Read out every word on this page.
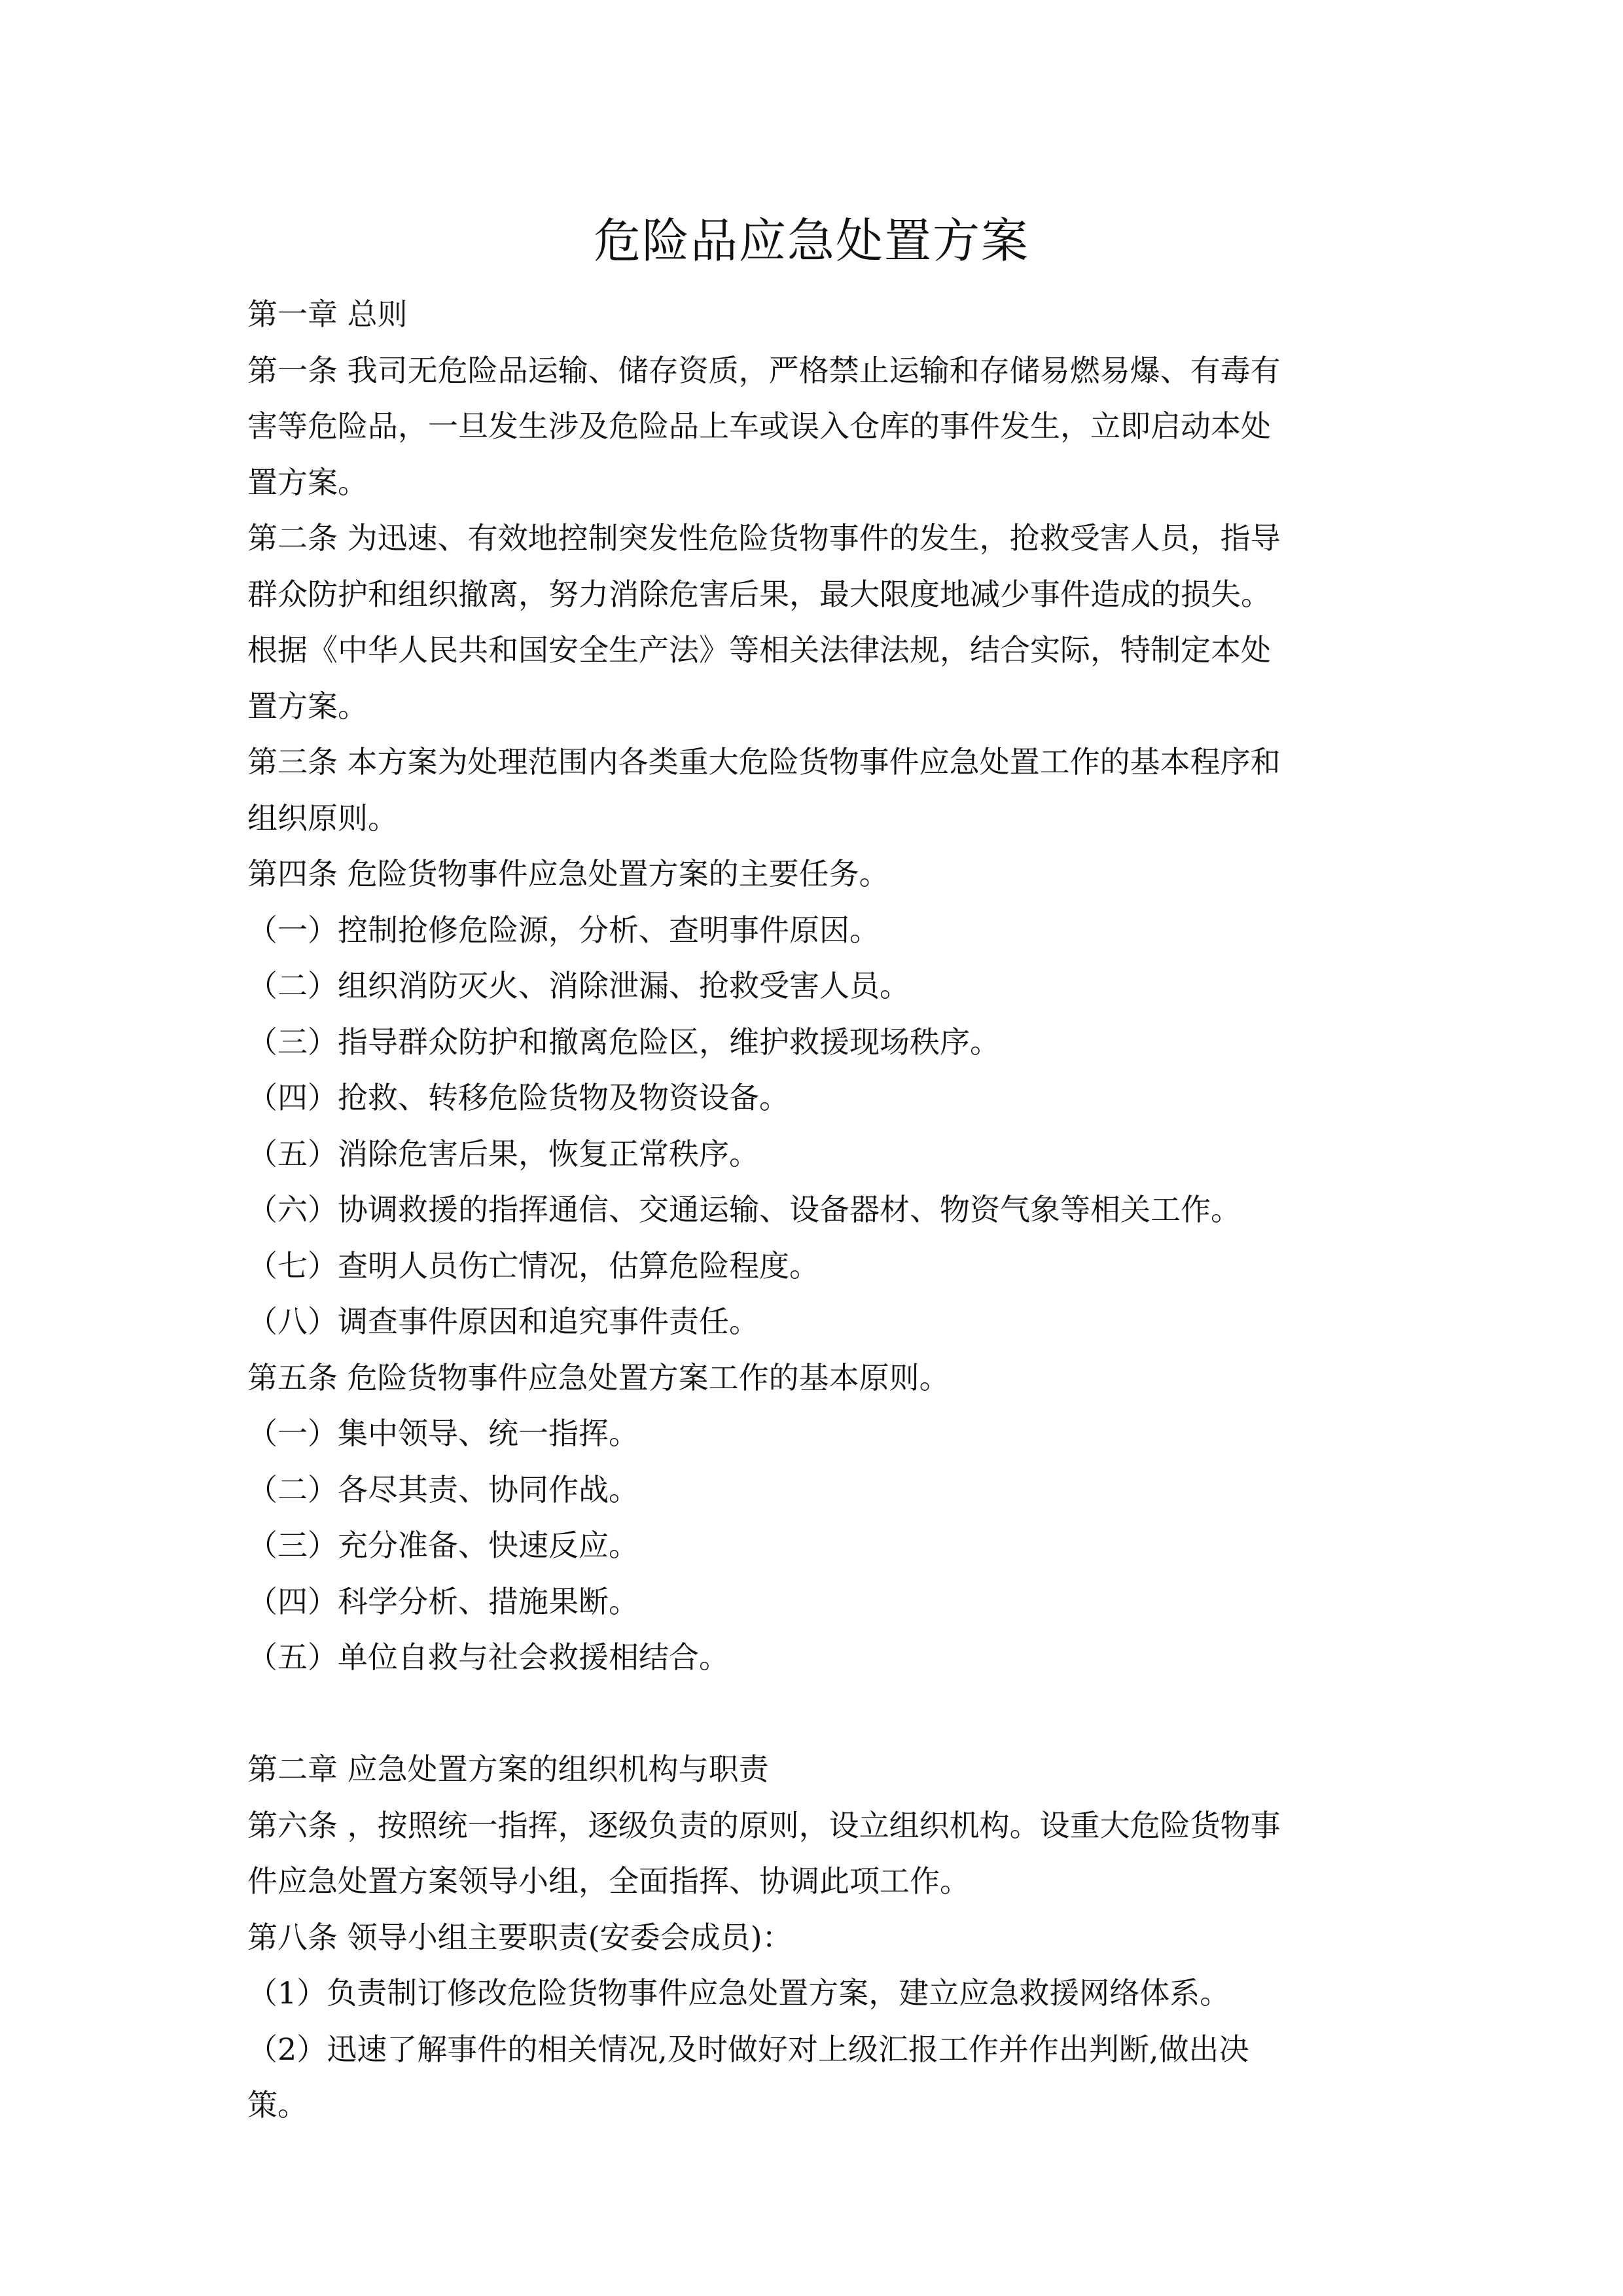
危险品应急处置方案

第一章 总则

第一条 我司无危险品运输、储存资质，严格禁止运输和存储易燃易爆、有毒有

害等危险品，一旦发生涉及危险品上车或误入仓库的事件发生，立即启动本处

置方案。

第二条 为迅速、有效地控制突发性危险货物事件的发生，抢救受害人员，指导

群众防护和组织撤离，努力消除危害后果，最大限度地减少事件造成的损失。

根据《中华人民共和国安全生产法》等相关法律法规，结合实际，特制定本处

置方案。

第三条 本方案为处理范围内各类重大危险货物事件应急处置工作的基本程序和

组织原则。

第四条 危险货物事件应急处置方案的主要任务。

（一）控制抢修危险源，分析、查明事件原因。

（二）组织消防灭火、消除泄漏、抢救受害人员。

（三）指导群众防护和撤离危险区，维护救援现场秩序。

（四）抢救、转移危险货物及物资设备。

（五）消除危害后果，恢复正常秩序。

（六）协调救援的指挥通信、交通运输、设备器材、物资气象等相关工作。

（七）查明人员伤亡情况，估算危险程度。

（八）调查事件原因和追究事件责任。

第五条 危险货物事件应急处置方案工作的基本原则。

（一）集中领导、统一指挥。

（二）各尽其责、协同作战。

（三）充分准备、快速反应。

（四）科学分析、措施果断。

（五）单位自救与社会救援相结合。

第二章 应急处置方案的组织机构与职责

第六条 ，按照统一指挥，逐级负责的原则，设立组织机构。设重大危险货物事

件应急处置方案领导小组，全面指挥、协调此项工作。

第八条 领导小组主要职责(安委会成员)：

（1）负责制订修改危险货物事件应急处置方案，建立应急救援网络体系。

（2）迅速了解事件的相关情况,及时做好对上级汇报工作并作出判断,做出决

策。
